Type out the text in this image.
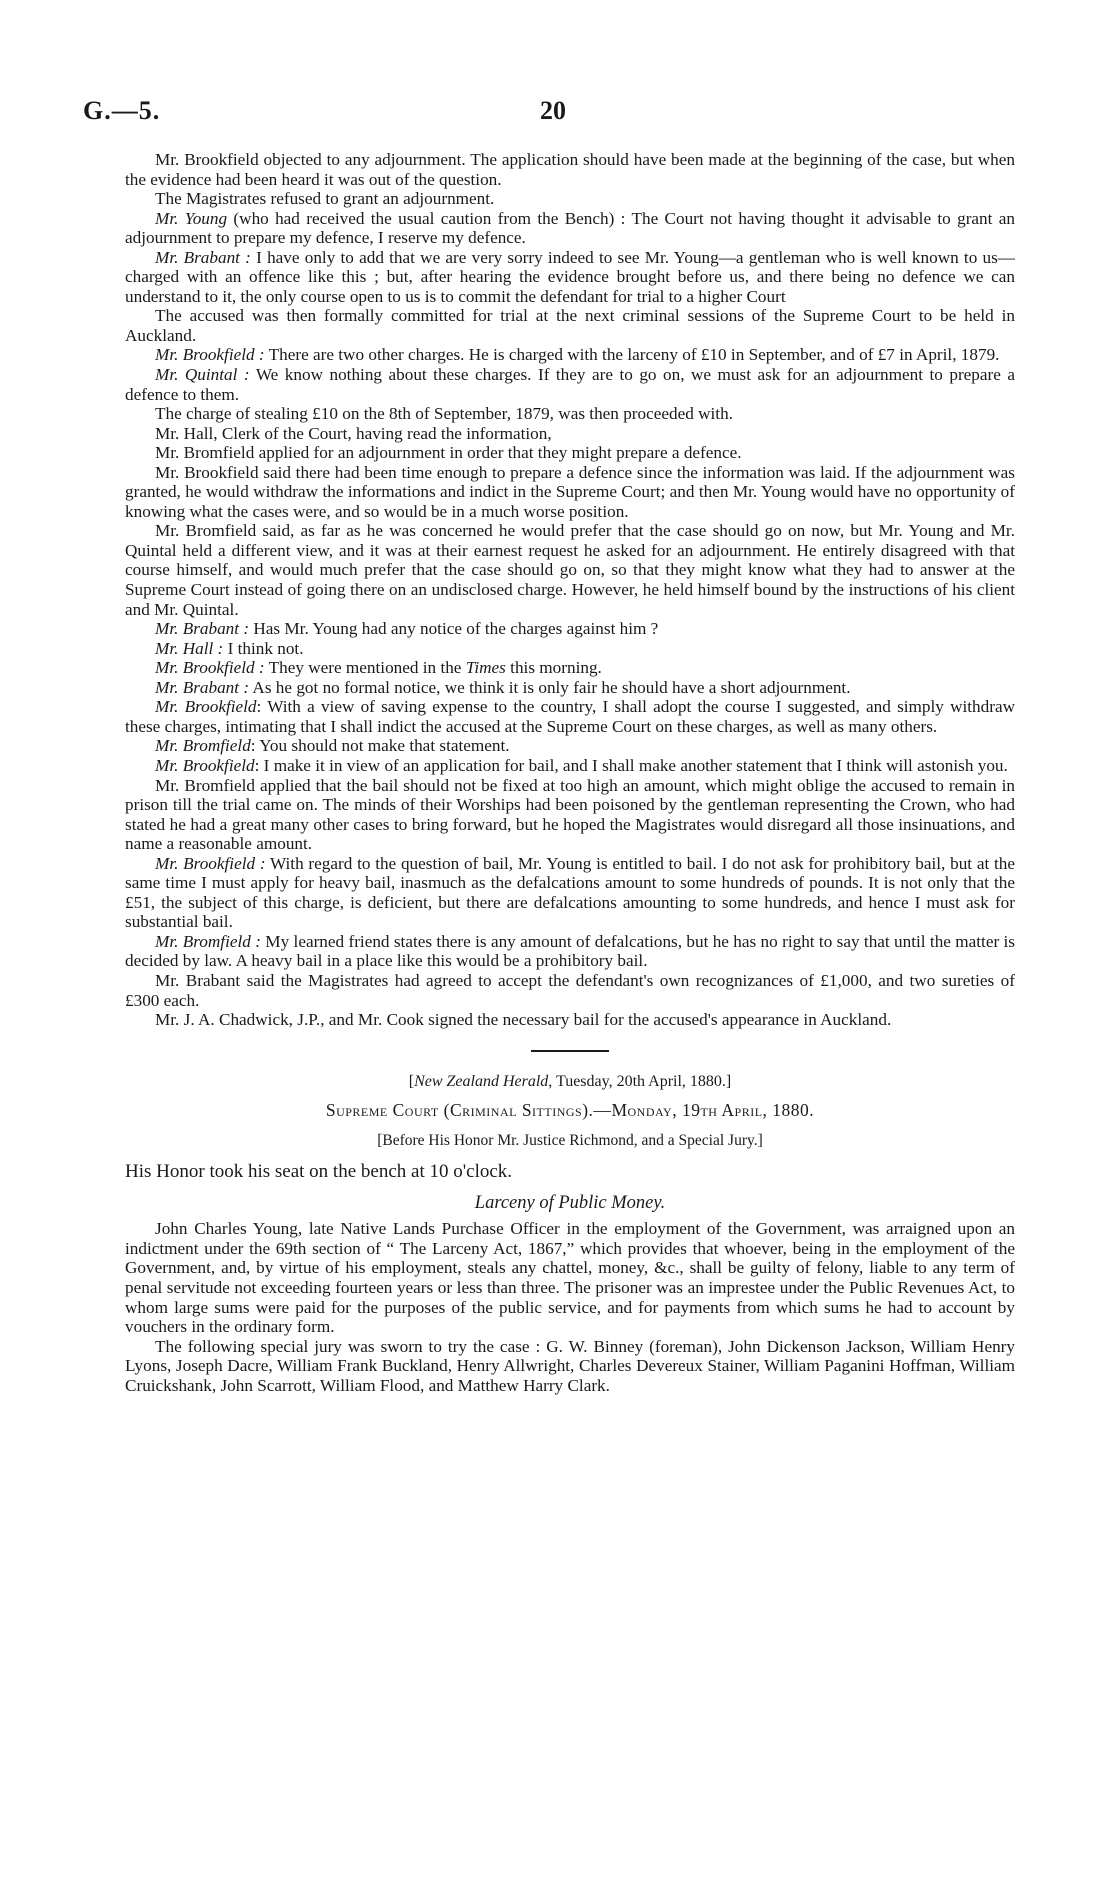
G.—5.	20

Mr. Brookfield objected to any adjournment. The application should have been made at the beginning of the case, but when the evidence had been heard it was out of the question.

The Magistrates refused to grant an adjournment.

Mr. Young (who had received the usual caution from the Bench) : The Court not having thought it advisable to grant an adjournment to prepare my defence, I reserve my defence.

Mr. Brabant : I have only to add that we are very sorry indeed to see Mr. Young—a gentleman who is well known to us—charged with an offence like this ; but, after hearing the evidence brought before us, and there being no defence we can understand to it, the only course open to us is to commit the defendant for trial to a higher Court

The accused was then formally committed for trial at the next criminal sessions of the Supreme Court to be held in Auckland.

Mr. Brookfield : There are two other charges. He is charged with the larceny of £10 in September, and of £7 in April, 1879.

Mr. Quintal : We know nothing about these charges. If they are to go on, we must ask for an adjournment to prepare a defence to them.

The charge of stealing £10 on the 8th of September, 1879, was then proceeded with.

Mr. Hall, Clerk of the Court, having read the information,

Mr. Bromfield applied for an adjournment in order that they might prepare a defence.

Mr. Brookfield said there had been time enough to prepare a defence since the information was laid. If the adjournment was granted, he would withdraw the informations and indict in the Supreme Court; and then Mr. Young would have no opportunity of knowing what the cases were, and so would be in a much worse position.

Mr. Bromfield said, as far as he was concerned he would prefer that the case should go on now, but Mr. Young and Mr. Quintal held a different view, and it was at their earnest request he asked for an adjournment. He entirely disagreed with that course himself, and would much prefer that the case should go on, so that they might know what they had to answer at the Supreme Court instead of going there on an undisclosed charge. However, he held himself bound by the instructions of his client and Mr. Quintal.

Mr. Brabant : Has Mr. Young had any notice of the charges against him ?

Mr. Hall : I think not.

Mr. Brookfield : They were mentioned in the Times this morning.

Mr. Brabant : As he got no formal notice, we think it is only fair he should have a short adjournment.

Mr. Brookfield: With a view of saving expense to the country, I shall adopt the course I suggested, and simply withdraw these charges, intimating that I shall indict the accused at the Supreme Court on these charges, as well as many others.

Mr. Bromfield: You should not make that statement.

Mr. Brookfield: I make it in view of an application for bail, and I shall make another statement that I think will astonish you.

Mr. Bromfield applied that the bail should not be fixed at too high an amount, which might oblige the accused to remain in prison till the trial came on. The minds of their Worships had been poisoned by the gentleman representing the Crown, who had stated he had a great many other cases to bring forward, but he hoped the Magistrates would disregard all those insinuations, and name a reasonable amount.

Mr. Brookfield : With regard to the question of bail, Mr. Young is entitled to bail. I do not ask for prohibitory bail, but at the same time I must apply for heavy bail, inasmuch as the defalcations amount to some hundreds of pounds. It is not only that the £51, the subject of this charge, is deficient, but there are defalcations amounting to some hundreds, and hence I must ask for substantial bail.

Mr. Bromfield : My learned friend states there is any amount of defalcations, but he has no right to say that until the matter is decided by law. A heavy bail in a place like this would be a prohibitory bail.

Mr. Brabant said the Magistrates had agreed to accept the defendant's own recognizances of £1,000, and two sureties of £300 each.

Mr. J. A. Chadwick, J.P., and Mr. Cook signed the necessary bail for the accused's appearance in Auckland.

[New Zealand Herald, Tuesday, 20th April, 1880.]

Supreme Court (Criminal Sittings).—Monday, 19th April, 1880.

[Before His Honor Mr. Justice Richmond, and a Special Jury.]

His Honor took his seat on the bench at 10 o'clock.

Larceny of Public Money.

John Charles Young, late Native Lands Purchase Officer in the employment of the Government, was arraigned upon an indictment under the 69th section of “ The Larceny Act, 1867,” which provides that whoever, being in the employment of the Government, and, by virtue of his employment, steals any chattel, money, &c., shall be guilty of felony, liable to any term of penal servitude not exceeding fourteen years or less than three. The prisoner was an imprestee under the Public Revenues Act, to whom large sums were paid for the purposes of the public service, and for payments from which sums he had to account by vouchers in the ordinary form.

The following special jury was sworn to try the case : G. W. Binney (foreman), John Dickenson Jackson, William Henry Lyons, Joseph Dacre, William Frank Buckland, Henry Allwright, Charles Devereux Stainer, William Paganini Hoffman, William Cruickshank, John Scarrott, William Flood, and Matthew Harry Clark.
